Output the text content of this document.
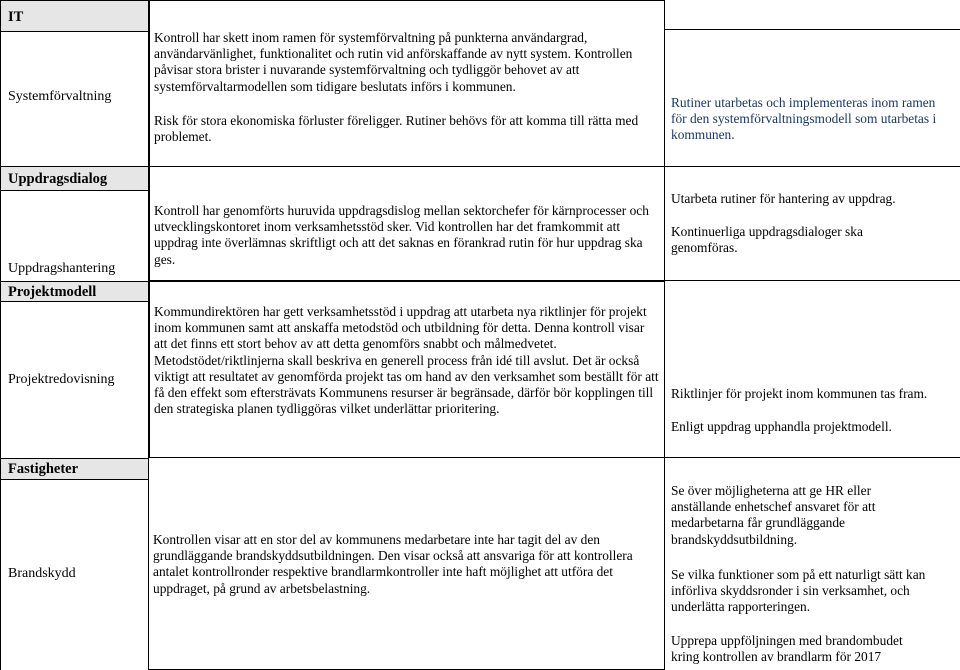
IT
Systemförvaltning

Kontroll har skett inom ramen för systemförvaltning på punkterna användargrad, användarvänlighet, funktionalitet och rutin vid anförskaffande av nytt system. Kontrollen påvisar stora brister i nuvarande systemförvaltning och tydliggör behovet av att systemförvaltarmodellen som tidigare beslutats införs i kommunen.

Risk för stora ekonomiska förluster föreligger. Rutiner behövs för att komma till rätta med problemet.

Rutiner utarbetas och implementeras inom ramen för den systemförvaltningsmodell som utarbetas i kommunen.

Uppdragsdialog
Uppdragshantering

Kontroll har genomförts huruvida uppdragsdislog mellan sektorchefer för kärnprocesser och utvecklingskontoret inom verksamhetsstöd sker. Vid kontrollen har det framkommit att uppdrag inte överlämnas skriftligt och att det saknas en förankrad rutin för hur uppdrag ska ges.

Utarbeta rutiner för hantering av uppdrag.

Kontinuerliga uppdragsdialoger ska genomföras.

Projektmodell
Projektredovisning

Kommundirektören har gett verksamhetsstöd i uppdrag att utarbeta nya riktlinjer för projekt inom kommunen samt att anskaffa metodstöd och utbildning för detta. Denna kontroll visar att det finns ett stort behov av att detta genomförs snabbt och målmedvetet. Metodstödet/riktlinjerna skall beskriva en generell process från idé till avslut. Det är också viktigt att resultatet av genomförda projekt tas om hand av den verksamhet som beställt för att få den effekt som eftersträvats Kommunens resurser är begränsade, därför bör kopplingen till den strategiska planen tydliggöras vilket underlättar prioritering.

Riktlinjer för projekt inom kommunen tas fram.

Enligt uppdrag upphandla projektmodell.

Fastigheter
Brandskydd

Kontrollen visar att en stor del av kommunens medarbetare inte har tagit del av den grundläggande brandskyddsutbildningen. Den visar också att ansvariga för att kontrollera antalet kontrollronder respektive brandlarmkontroller inte haft möjlighet att utföra det uppdraget, på grund av arbetsbelastning.

Se över möjligheterna att ge HR eller anställande enhetschef ansvaret för att medarbetarna får grundläggande brandskyddsutbildning.

Se vilka funktioner som på ett naturligt sätt kan införliva skyddsronder i sin verksamhet, och underlätta rapporteringen.

Upprepa uppföljningen med brandombudet kring kontrollen av brandlarm för 2017
